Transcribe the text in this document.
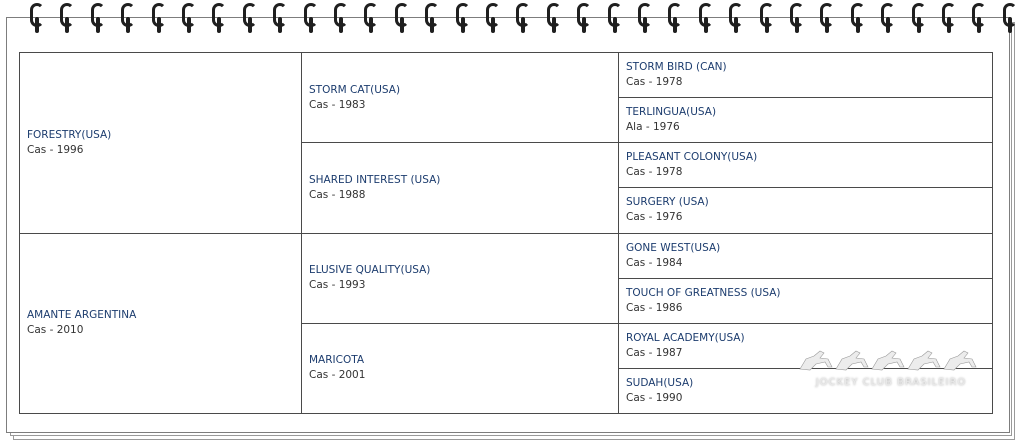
FORESTRY(USA)
Cas - 1996	STORM CAT(USA)
Cas - 1983	STORM BIRD (CAN)
Cas - 1978

		TERLINGUA(USA)
Ala - 1976

	SHARED INTEREST (USA)
Cas - 1988	PLEASANT COLONY(USA)
Cas - 1978

		SURGERY (USA)
Cas - 1976

AMANTE ARGENTINA
Cas - 2010	ELUSIVE QUALITY(USA)
Cas - 1993	GONE WEST(USA)
Cas - 1984

		TOUCH OF GREATNESS (USA)
Cas - 1986

	MARICOTA
Cas - 2001	ROYAL ACADEMY(USA)
Cas - 1987

		SUDAH(USA)
Cas - 1990
JOCKEY CLUB BRASILEIRO
